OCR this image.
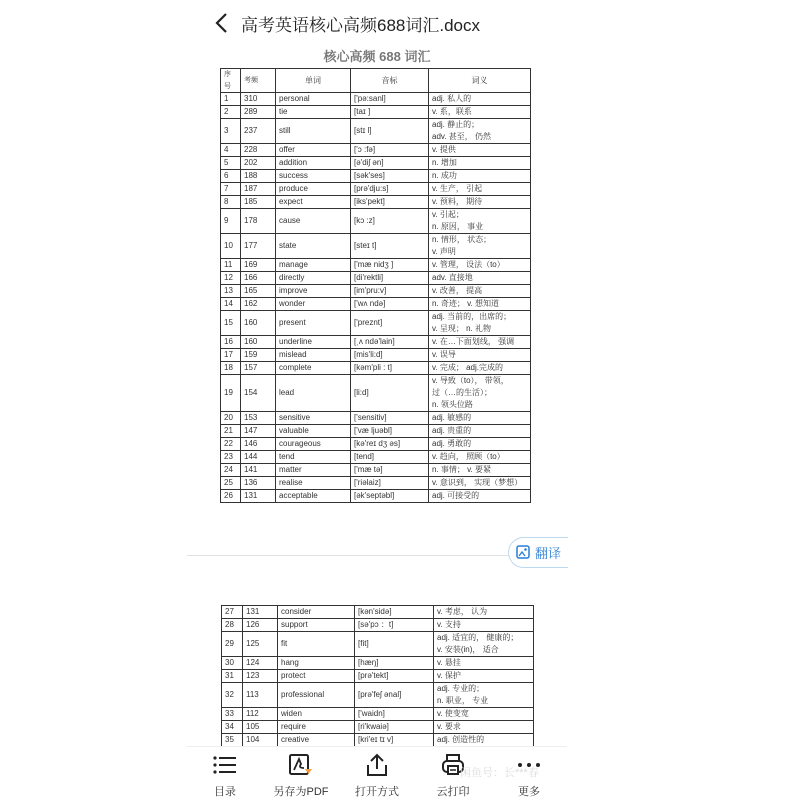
高考英语核心高频688词汇.docx
核心高频 688 词汇
序号	考频	单词	音标	词义
1	310	personal	['pə:sanl]	adj. 私人的
2	289	tie	[taɪ ]	v. 系，联系
3	237	still	[stɪ l]	adj. 静止的；
adv. 甚至， 仍然
4	228	offer	['ɔ :fə]	v. 提供
5	202	addition	[ə'diʃ ən]	n. 增加
6	188	success	[sək'ses]	n. 成功
7	187	produce	[prə'dju:s]	v. 生产， 引起
8	185	expect	[iks'pekt]	v. 预料， 期待
9	178	cause	[kɔ :z]	v. 引起；
n. 原因， 事业
10	177	state	[steɪ t]	n. 情形， 状态；
v. 声明
11	169	manage	['mæ nidʒ ]	v. 管理， 设法（to）
12	166	directly	[di'rektli]	adv. 直接地
13	165	improve	[im'pru:v]	v. 改善， 提高
14	162	wonder	['wʌ ndə]	n. 奇迹； v. 想知道
15	160	present	['preznt]	adj. 当前的，出席的；
v. 呈现； n. 礼物
16	160	underline	[ˌʌ ndə'lain]	v. 在…下面划线， 强调
17	159	mislead	[mis'li:d]	v. 误导
18	157	complete	[kəm'pli : t]	v. 完成； adj.完成的
19	154	lead	[li:d]	v. 导致（to）， 带领，
过（…的生活）；
n. 领头位路
20	153	sensitive	['sensitiv]	adj. 敏感的
21	147	valuable	['væ ljuəbl]	adj. 贵重的
22	146	courageous	[kə'reɪ dʒ əs]	adj. 勇敢的
23	144	tend	[tend]	v. 趋向， 照顾（to）
24	141	matter	['mæ tə]	n. 事情； v. 要紧
25	136	realise	['riəlaiz]	v. 意识到， 实现（梦想）
26	131	acceptable	[ək'septəbl]	adj. 可接受的
翻译
27	131	consider	[kən'sidə]	v. 考虑， 认为
28	126	support	[sə'pɔ ：t]	v. 支持
29	125	fit	[fit]	adj. 适宜的， 健康的；
v. 安装(in)， 适合
30	124	hang	[hæŋ]	v. 悬挂
31	123	protect	[prə'tekt]	v. 保护
32	113	professional	[prə'feʃ ənal]	adj. 专业的；
n. 职业， 专业
33	112	widen	['waidn]	v. 使变宽
34	105	require	[ri'kwaiə]	v. 要求
35	104	creative	[kri'eɪ tɪ v]	adj. 创造性的

目录	另存为PDF 打开方式	云打印	更多
闲鱼号：长***春
